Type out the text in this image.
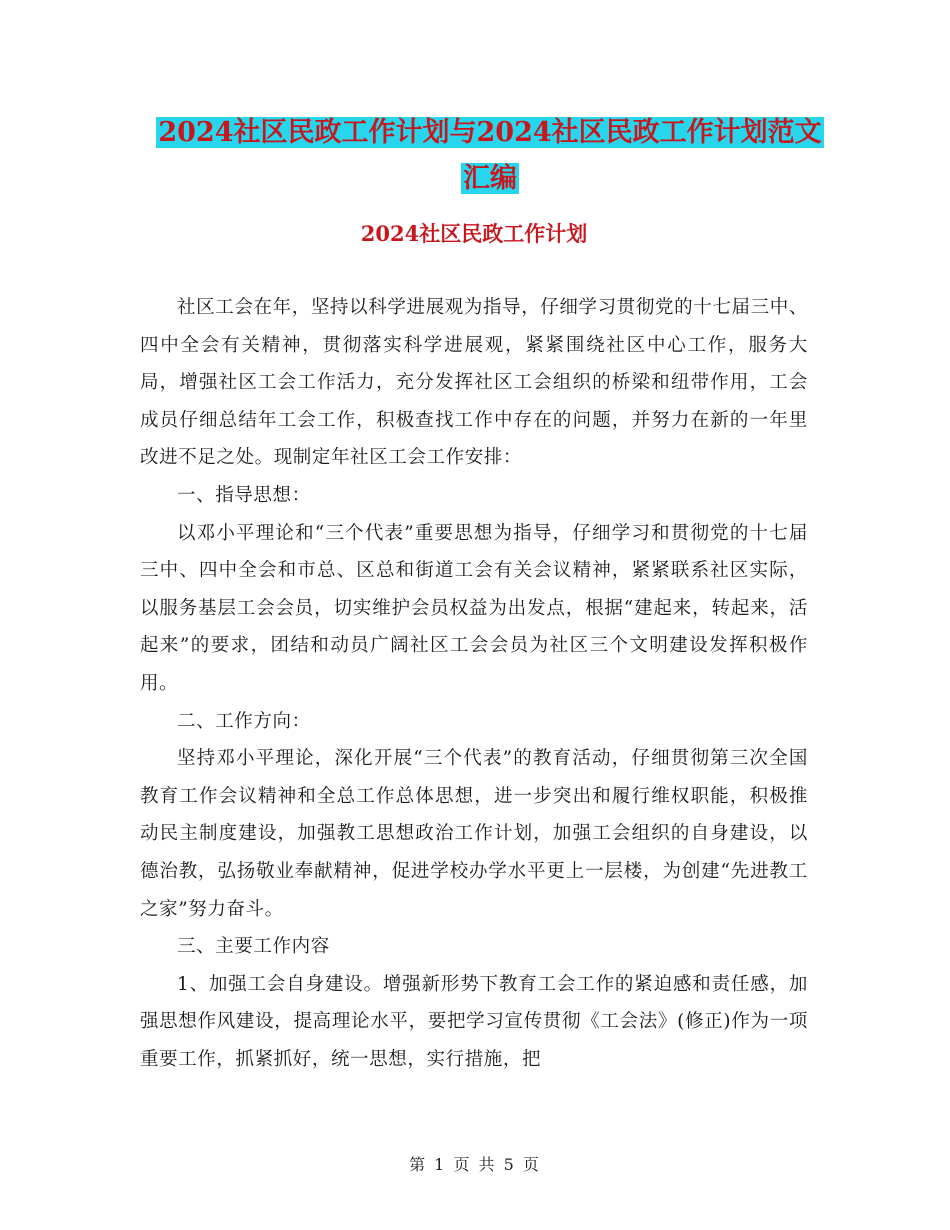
2024社区民政工作计划与2024社区民政工作计划范文
汇编
2024社区民政工作计划

社区工会在年，坚持以科学进展观为指导，仔细学习贯彻党的十七届三中、四中全会有关精神，贯彻落实科学进展观，紧紧围绕社区中心工作，服务大局，增强社区工会工作活力，充分发挥社区工会组织的桥梁和纽带作用，工会成员仔细总结年工会工作，积极查找工作中存在的问题，并努力在新的一年里改进不足之处。现制定年社区工会工作安排：

一、指导思想：

以邓小平理论和“三个代表”重要思想为指导，仔细学习和贯彻党的十七届三中、四中全会和市总、区总和街道工会有关会议精神，紧紧联系社区实际，以服务基层工会会员，切实维护会员权益为出发点，根据“建起来，转起来，活起来”的要求，团结和动员广阔社区工会会员为社区三个文明建设发挥积极作用。

二、工作方向：

坚持邓小平理论，深化开展“三个代表”的教育活动，仔细贯彻第三次全国教育工作会议精神和全总工作总体思想，进一步突出和履行维权职能，积极推动民主制度建设，加强教工思想政治工作计划，加强工会组织的自身建设，以德治教，弘扬敬业奉献精神，促进学校办学水平更上一层楼，为创建“先进教工之家”努力奋斗。

三、主要工作内容

1、加强工会自身建设。增强新形势下教育工会工作的紧迫感和责任感，加强思想作风建设，提高理论水平，要把学习宣传贯彻《工会法》(修正)作为一项重要工作，抓紧抓好，统一思想，实行措施，把

第 1 页 共 5 页
